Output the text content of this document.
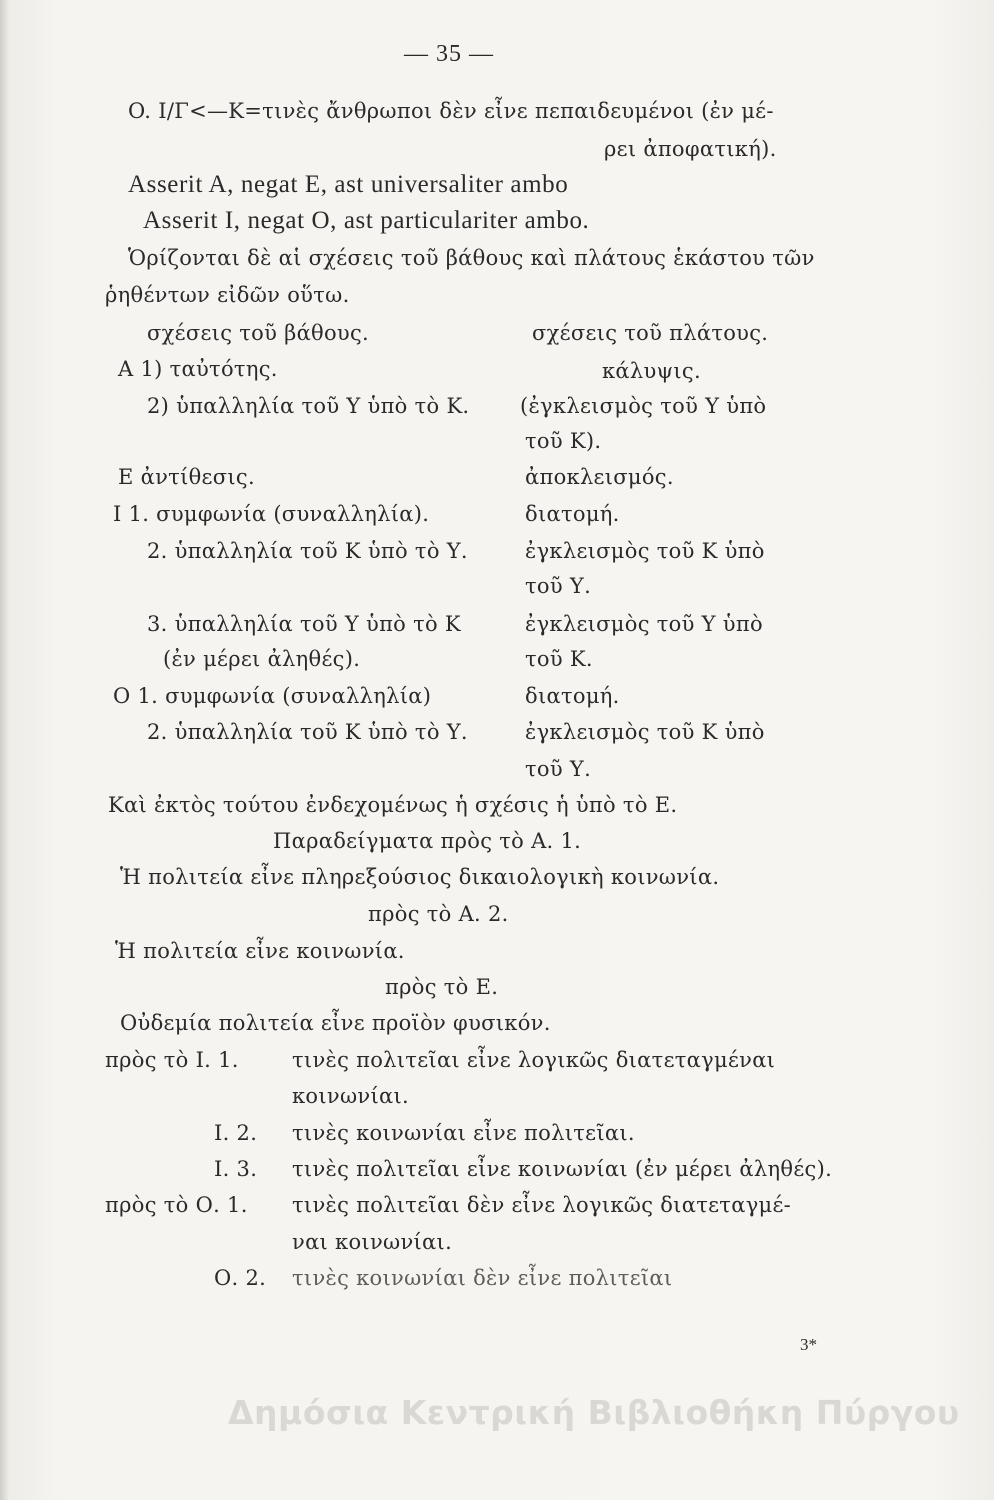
— 35 —
O. I/Γ<—Κ=τινὲς ἄνθρωποι δὲν εἶνε πεπαιδευμένοι (ἐν μέ-
ρει ἀποφατική).
Asserit A, negat E, ast universaliter ambo
Asserit I, negat O, ast particulariter ambo.
Ὁρίζονται δὲ αἱ σχέσεις τοῦ βάθους καὶ πλάτους ἑκάστου τῶν
ῥηθέντων εἰδῶν οὕτω.
σχέσεις τοῦ βάθους.	σχέσεις τοῦ πλάτους.
A 1) ταὐτότης.	κάλυψις.
2) ὑπαλληλία τοῦ Υ ὑπὸ τὸ Κ. (ἐγκλεισμὸς τοῦ Υ ὑπὸ
τοῦ Κ).
Ε ἀντίθεσις.	ἀποκλεισμός.
Ι 1. συμφωνία (συναλληλία).	διατομή.
2. ὑπαλληλία τοῦ Κ ὑπὸ τὸ Υ.	ἐγκλεισμὸς τοῦ Κ ὑπὸ
τοῦ Υ.
3. ὑπαλληλία τοῦ Υ ὑπὸ τὸ Κ	ἐγκλεισμὸς τοῦ Υ ὑπὸ
(ἐν μέρει ἀληθές).	τοῦ Κ.
O 1. συμφωνία (συναλληλία)	διατομή.
2. ὑπαλληλία τοῦ Κ ὑπὸ τὸ Υ.	ἐγκλεισμὸς τοῦ Κ ὑπὸ
τοῦ Υ.
Καὶ ἐκτὸς τούτου ἐνδεχομένως ἡ σχέσις ἡ ὑπὸ τὸ Ε.
Παραδείγματα πρὸς τὸ Α. 1.
Ἡ πολιτεία εἶνε πληρεξούσιος δικαιολογικὴ κοινωνία.
πρὸς τὸ Α. 2.
Ἡ πολιτεία εἶνε κοινωνία.
πρὸς τὸ Ε.
Οὐδεμία πολιτεία εἶνε προϊὸν φυσικόν.
πρὸς τὸ Ι. 1.	τινὲς πολιτεῖαι εἶνε λογικῶς διατεταγμέναι
κοινωνίαι.
Ι. 2. τινὲς κοινωνίαι εἶνε πολιτεῖαι.
Ι. 3. τινὲς πολιτεῖαι εἶνε κοινωνίαι (ἐν μέρει ἀληθές).
πρὸς τὸ Ο. 1. τινὲς πολιτεῖαι δὲν εἶνε λογικῶς διατεταγμέ-
ναι κοινωνίαι.
Ο. 2. τινὲς κοινωνίαι δὲν εἶνε πολιτεῖαι
3*
Δημόσια Κεντρική Βιβλιοθήκη Πύργου
